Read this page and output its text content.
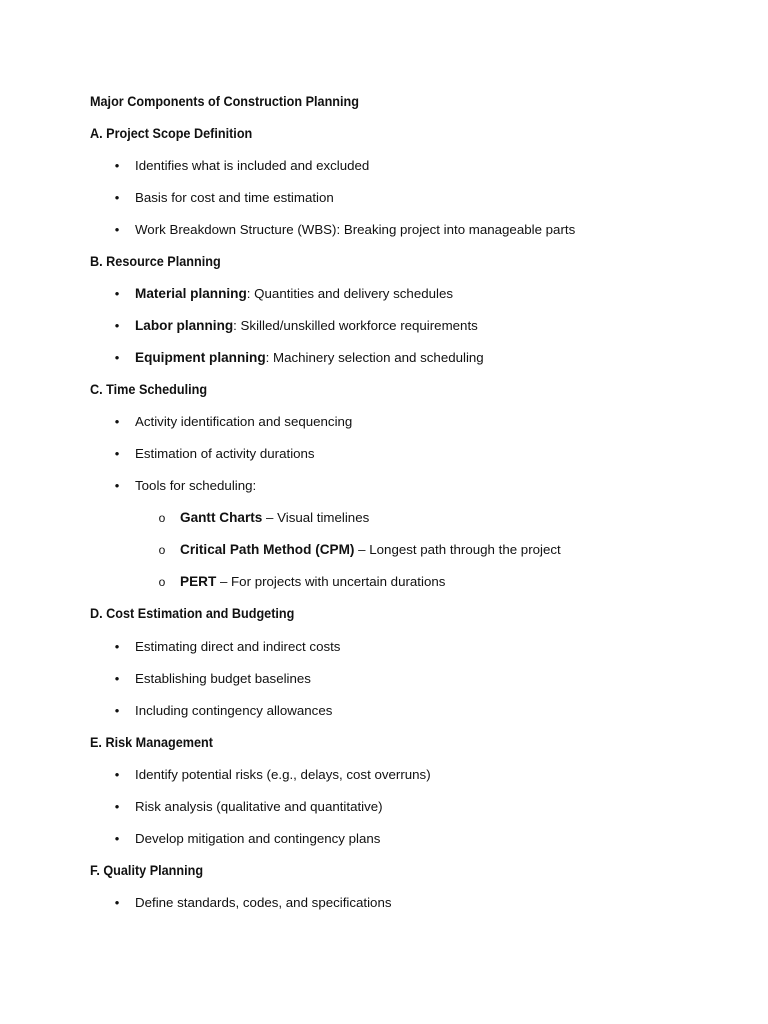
Major Components of Construction Planning
A. Project Scope Definition
• Identifies what is included and excluded
• Basis for cost and time estimation
• Work Breakdown Structure (WBS): Breaking project into manageable parts
B. Resource Planning
• Material planning: Quantities and delivery schedules
• Labor planning: Skilled/unskilled workforce requirements
• Equipment planning: Machinery selection and scheduling
C. Time Scheduling
• Activity identification and sequencing
• Estimation of activity durations
• Tools for scheduling:
o Gantt Charts – Visual timelines
o Critical Path Method (CPM) – Longest path through the project
o PERT – For projects with uncertain durations
D. Cost Estimation and Budgeting
• Estimating direct and indirect costs
• Establishing budget baselines
• Including contingency allowances
E. Risk Management
• Identify potential risks (e.g., delays, cost overruns)
• Risk analysis (qualitative and quantitative)
• Develop mitigation and contingency plans
F. Quality Planning
• Define standards, codes, and specifications
